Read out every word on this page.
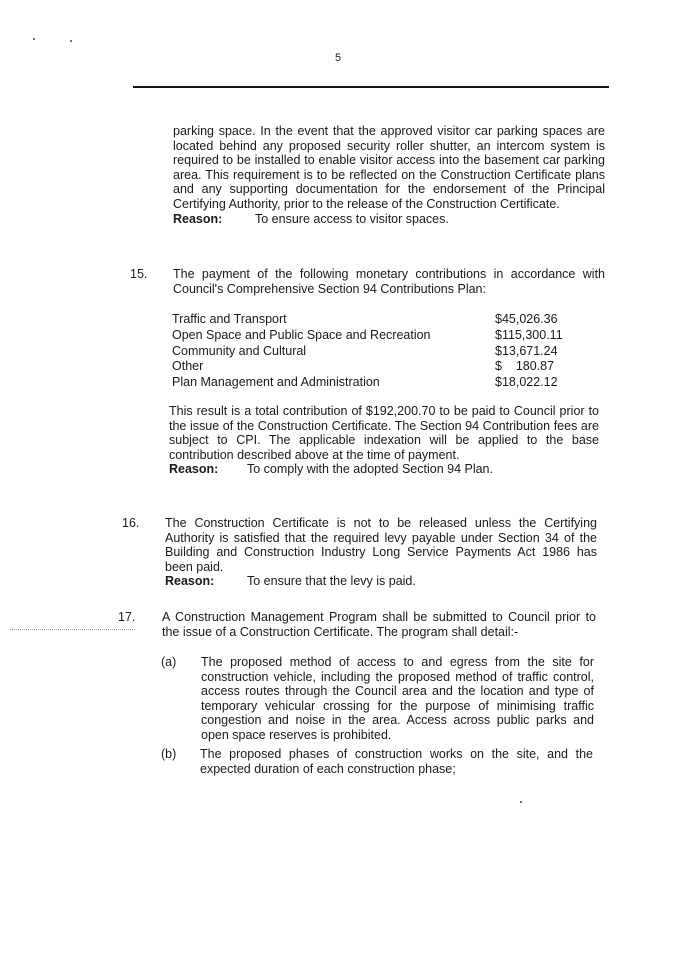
5

parking space. In the event that the approved visitor car parking spaces are located behind any proposed security roller shutter, an intercom system is required to be installed to enable visitor access into the basement car parking area. This requirement is to be reflected on the Construction Certificate plans and any supporting documentation for the endorsement of the Principal Certifying Authority, prior to the release of the Construction Certificate.
Reason:	To ensure access to visitor spaces.

15. The payment of the following monetary contributions in accordance with Council's Comprehensive Section 94 Contributions Plan:

Traffic and Transport	$45,026.36
Open Space and Public Space and Recreation	$115,300.11
Community and Cultural	$13,671.24
Other	$    180.87
Plan Management and Administration	$18,022.12

This result is a total contribution of $192,200.70 to be paid to Council prior to the issue of the Construction Certificate. The Section 94 Contribution fees are subject to CPI. The applicable indexation will be applied to the base contribution described above at the time of payment.
Reason: To comply with the adopted Section 94 Plan.

16. The Construction Certificate is not to be released unless the Certifying Authority is satisfied that the required levy payable under Section 34 of the Building and Construction Industry Long Service Payments Act 1986 has been paid.
Reason:	To ensure that the levy is paid.

17. A Construction Management Program shall be submitted to Council prior to the issue of a Construction Certificate. The program shall detail:-

(a) The proposed method of access to and egress from the site for construction vehicle, including the proposed method of traffic control, access routes through the Council area and the location and type of temporary vehicular crossing for the purpose of minimising traffic congestion and noise in the area. Access across public parks and open space reserves is prohibited.

(b) The proposed phases of construction works on the site, and the expected duration of each construction phase;
